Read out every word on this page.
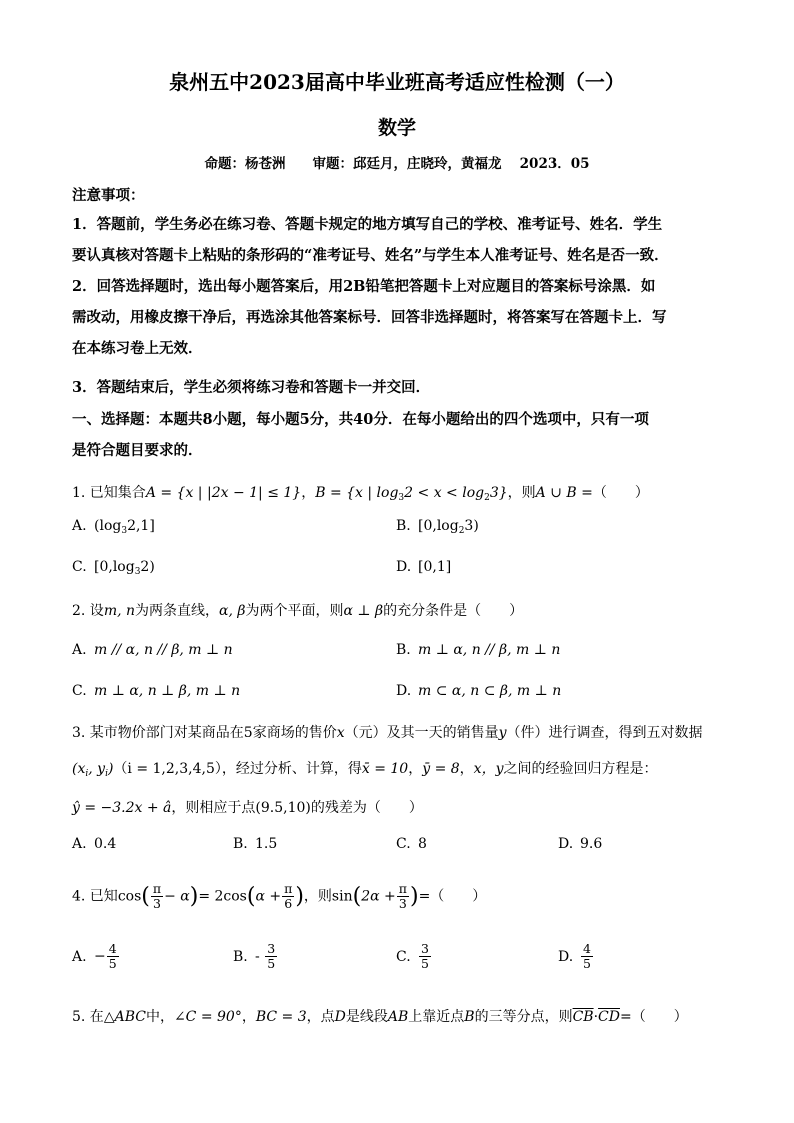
泉州五中2023届高中毕业班高考适应性检测（一）
数学
命题：杨苍洲　　审题：邱廷月，庄晓玲，黄福龙　 2023．05
注意事项：
1．答题前，学生务必在练习卷、答题卡规定的地方填写自己的学校、准考证号、姓名．学生
要认真核对答题卡上粘贴的条形码的“准考证号、姓名”与学生本人准考证号、姓名是否一致．
2．回答选择题时，选出每小题答案后，用2B铅笔把答题卡上对应题目的答案标号涂黑．如
需改动，用橡皮擦干净后，再选涂其他答案标号．回答非选择题时，将答案写在答题卡上．写
在本练习卷上无效．
3．答题结束后，学生必须将练习卷和答题卡一并交回．
一、选择题：本题共8小题，每小题5分，共40分．在每小题给出的四个选项中，只有一项
是符合题目要求的．
1. 已知集合A = {x | |2x − 1| ≤ 1}，B = {x | $\log_32 < x < \log_23$}，则A ∪ B =（　　）
A. $(\log_32,1]$	B. $[0,\log_23)$
C. $[0,\log_32)$	D. [0,1]
2. 设m, n为两条直线，α, β为两个平面，则α ⊥ β的充分条件是（　　）
A. m // α, n // β, m ⊥ n	B. m ⊥ α, n // β, m ⊥ n
C. m ⊥ α, n ⊥ β, m ⊥ n	D. m ⊂ α, n ⊂ β, m ⊥ n
3. 某市物价部门对某商品在5家商场的售价x（元）及其一天的销售量y（件）进行调查，得到五对数据
($x_i$, $y_i)(i = 1,2,3,4,5)$，经过分析、计算，得x̄ = 10，ȳ = 8，x，y之间的经验回归方程是：
ŷ = −3.2x + â，则相应于点(9.5,10)的残差为（　　）
A. 0.4	B. 1.5	C. 8	D. 9.6
4. 已知$\cos( \frac{\pi}{3} - \alpha)= 2\cos(\alpha + \frac{\pi}{6}$ )，则$\sin(2\alpha + \frac{\pi}{3}$ )=（　　）
A. − $\frac{4}{5}$	B. - $\frac{3}{5}$	C. $\frac{3}{5}$	D. $\frac{4}{5}$
5. 在△ABC中，∠C = 90°，BC = 3，点D是线段AB上靠近点B的三等分点，则$\overline{CB}\cdot\overline{CD}=$（　　）
